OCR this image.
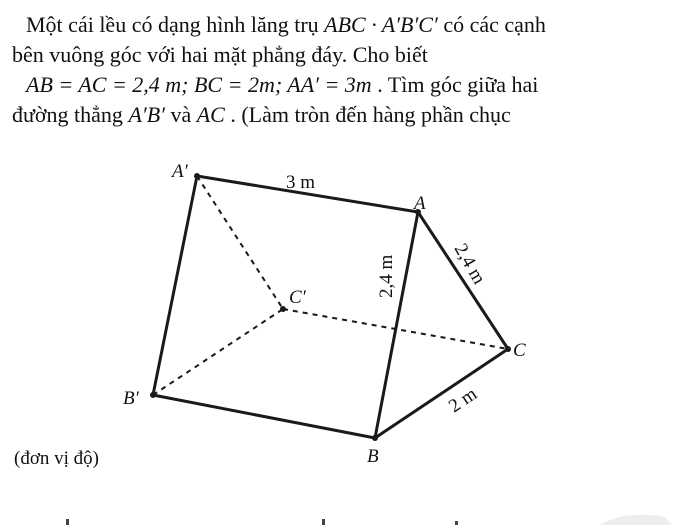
Một cái lều có dạng hình lăng trụ ABC · A′B′C′ có các cạnh
bên vuông góc với hai mặt phẳng đáy. Cho biết
AB = AC = 2,4 m; BC = 2m; AA′ = 3m . Tìm góc giữa hai
đường thẳng A′B′ và AC . (Làm tròn đến hàng phần chục
A′
A
B′
B
C′
C
3 m
2,4 m	2,4 m
2 m
(đơn vị độ)
